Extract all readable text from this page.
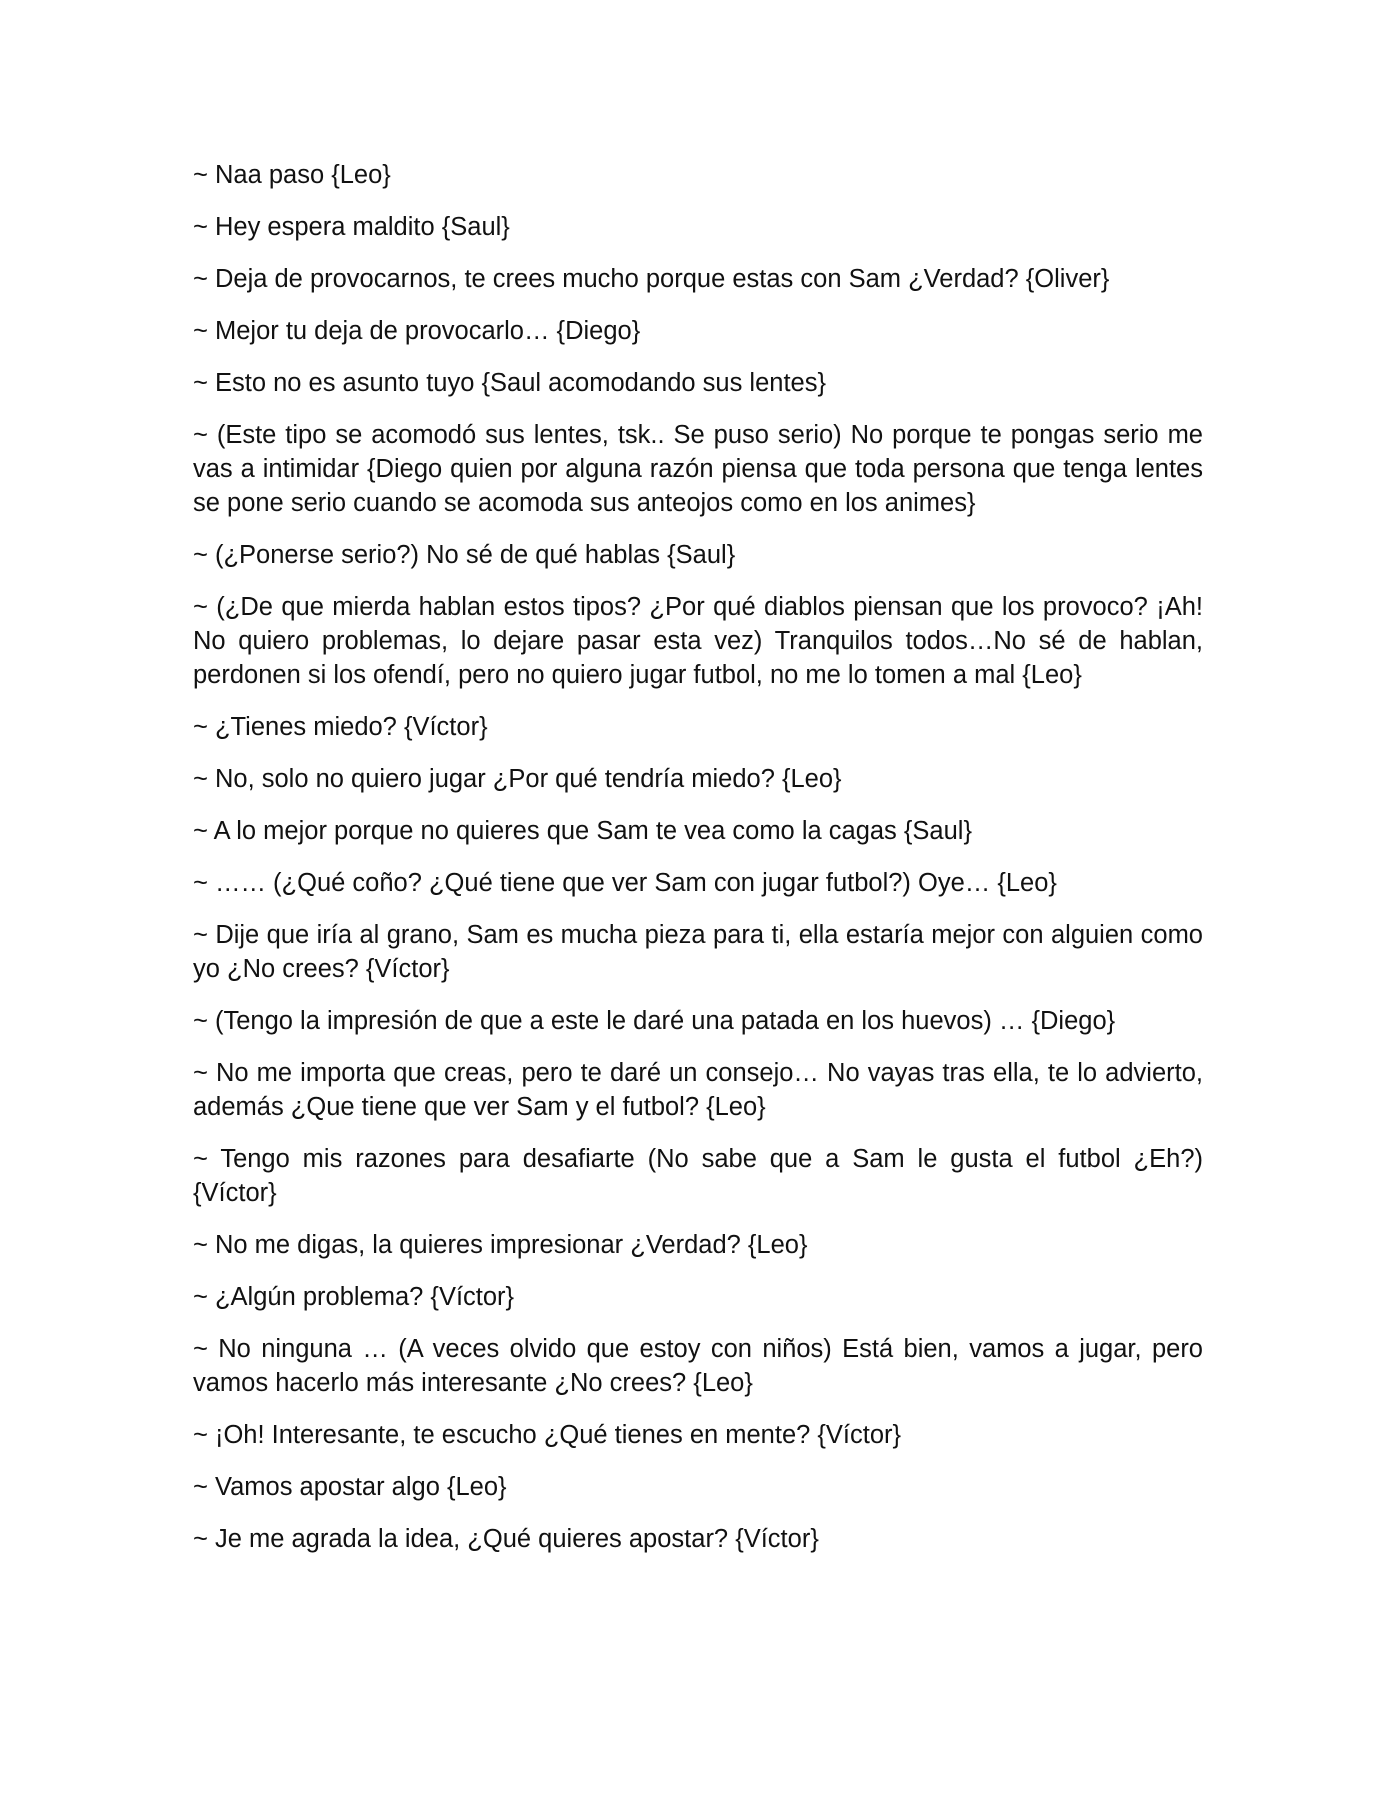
~ Naa paso {Leo}

~ Hey espera maldito {Saul}

~ Deja de provocarnos, te crees mucho porque estas con Sam ¿Verdad? {Oliver}

~ Mejor tu deja de provocarlo… {Diego}

~ Esto no es asunto tuyo {Saul acomodando sus lentes}

~ (Este tipo se acomodó sus lentes, tsk.. Se puso serio) No porque te pongas serio me vas a intimidar {Diego quien por alguna razón piensa que toda persona que tenga lentes se pone serio cuando se acomoda sus anteojos como en los animes}

~ (¿Ponerse serio?) No sé de qué hablas {Saul}

~ (¿De que mierda hablan estos tipos? ¿Por qué diablos piensan que los provoco? ¡Ah! No quiero problemas, lo dejare pasar esta vez) Tranquilos todos…No sé de hablan, perdonen si los ofendí, pero no quiero jugar futbol, no me lo tomen a mal {Leo}

~ ¿Tienes miedo? {Víctor}

~ No, solo no quiero jugar ¿Por qué tendría miedo? {Leo}

~ A lo mejor porque no quieres que Sam te vea como la cagas {Saul}

~ …… (¿Qué coño? ¿Qué tiene que ver Sam con jugar futbol?) Oye… {Leo}

~ Dije que iría al grano, Sam es mucha pieza para ti, ella estaría mejor con alguien como yo ¿No crees? {Víctor}

~ (Tengo la impresión de que a este le daré una patada en los huevos) … {Diego}

~ No me importa que creas, pero te daré un consejo… No vayas tras ella, te lo advierto, además ¿Que tiene que ver Sam y el futbol? {Leo}

~ Tengo mis razones para desafiarte (No sabe que a Sam le gusta el futbol ¿Eh?) {Víctor}

~ No me digas, la quieres impresionar ¿Verdad? {Leo}

~ ¿Algún problema? {Víctor}

~ No ninguna … (A veces olvido que estoy con niños) Está bien, vamos a jugar, pero vamos hacerlo más interesante ¿No crees? {Leo}

~ ¡Oh! Interesante, te escucho ¿Qué tienes en mente? {Víctor}

~ Vamos apostar algo {Leo}

~ Je me agrada la idea, ¿Qué quieres apostar? {Víctor}
